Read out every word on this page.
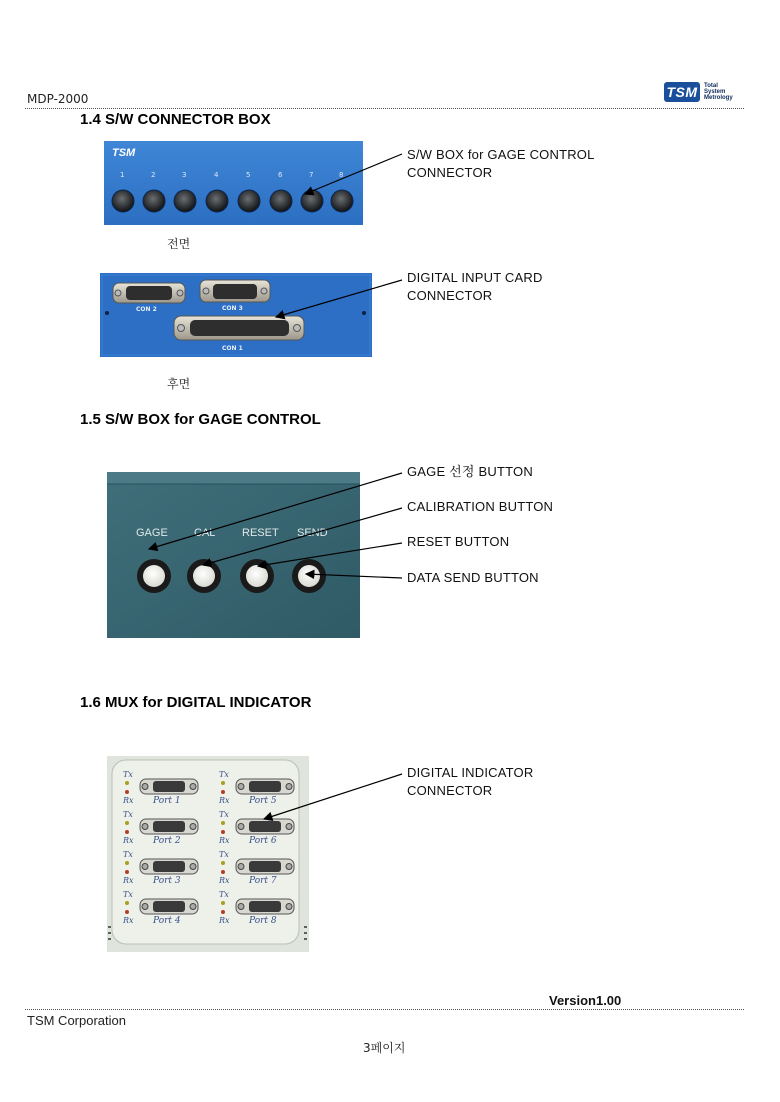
MDP-2000	TSM	Total
System
Metrology
1.4 S/W CONNECTOR BOX
TSM
1	2	3	4	5	6	7	8
전면
S/W BOX for GAGE CONTROL
CONNECTOR
CON 2	CON 3
CON 1
후면
DIGITAL INPUT CARD
CONNECTOR
1.5 S/W BOX for GAGE CONTROL
GAGE CAL RESET SEND
GAGE 선정 BUTTON
CALIBRATION BUTTON
RESET BUTTON
DATA SEND BUTTON
1.6 MUX for DIGITAL INDICATOR
Tx
Rx Port 1
Tx
Rx Port 2
Tx
Rx Port 3
Tx
Rx Port 4
Tx
Rx Port 5
Tx
Rx Port 6
Tx
Rx Port 7
Tx
Rx Port 8
DIGITAL INDICATOR
CONNECTOR
Version1.00
TSM Corporation
3페이지
